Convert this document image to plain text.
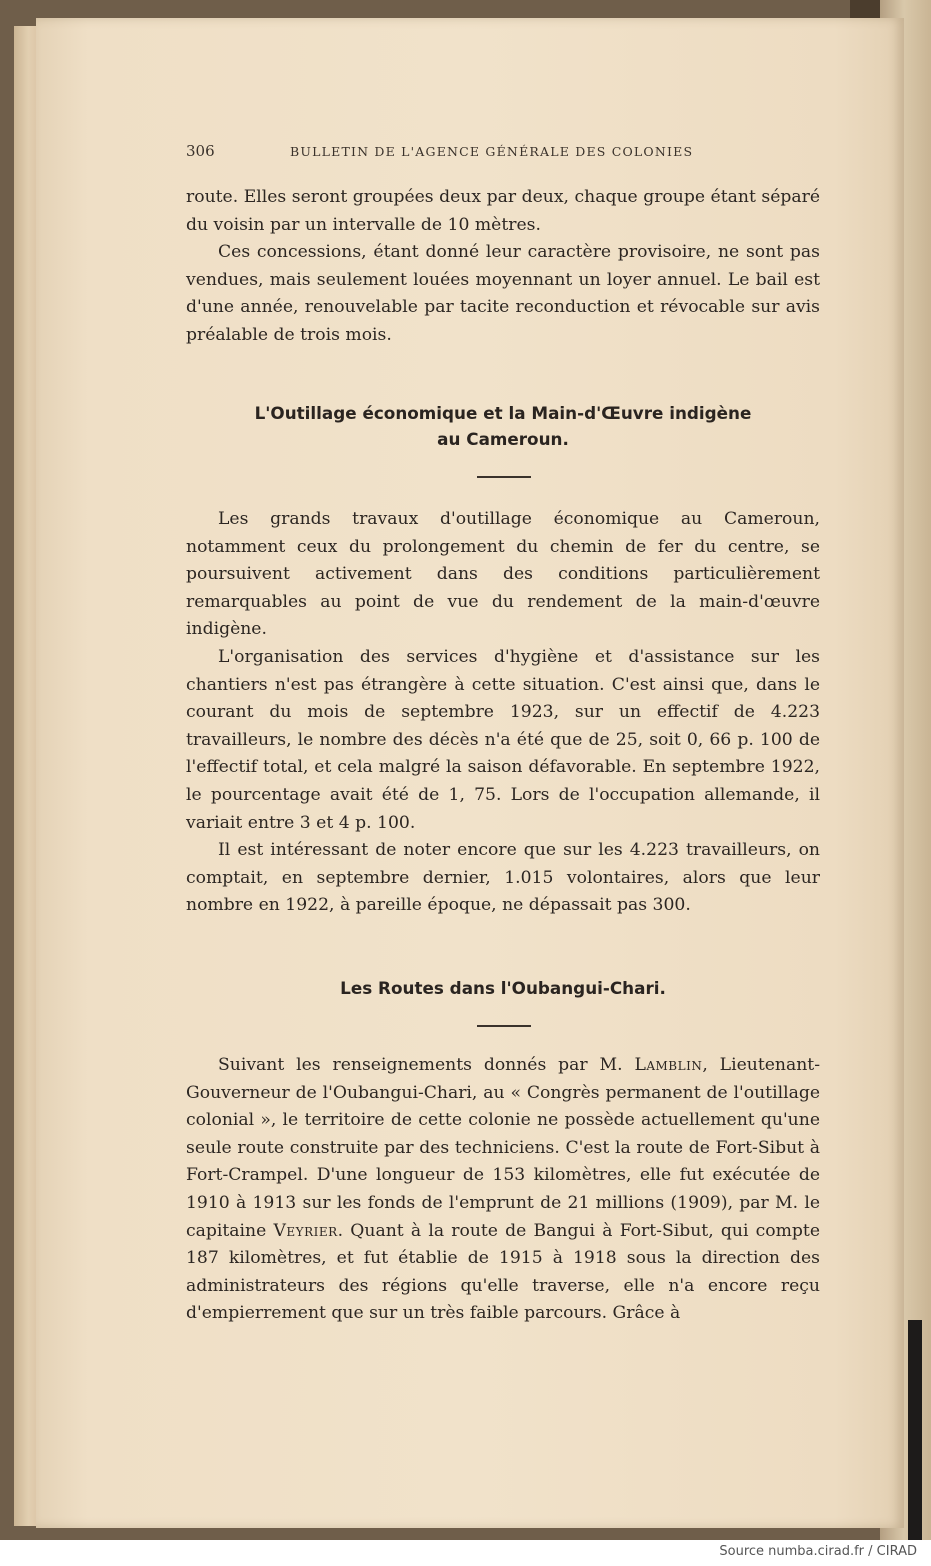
306	BULLETIN DE L'AGENCE GÉNÉRALE DES COLONIES

route. Elles seront groupées deux par deux, chaque groupe étant séparé du voisin par un intervalle de 10 mètres.

Ces concessions, étant donné leur caractère provisoire, ne sont pas vendues, mais seulement louées moyennant un loyer annuel. Le bail est d'une année, renouvelable par tacite reconduction et révocable sur avis préalable de trois mois.

L'Outillage économique et la Main-d'Œuvre indigène
au Cameroun.

Les grands travaux d'outillage économique au Cameroun, notamment ceux du prolongement du chemin de fer du centre, se poursuivent activement dans des conditions particulièrement remarquables au point de vue du rendement de la main-d'œuvre indigène.

L'organisation des services d'hygiène et d'assistance sur les chantiers n'est pas étrangère à cette situation. C'est ainsi que, dans le courant du mois de septembre 1923, sur un effectif de 4.223 travailleurs, le nombre des décès n'a été que de 25, soit 0, 66 p. 100 de l'effectif total, et cela malgré la saison défavorable. En septembre 1922, le pourcentage avait été de 1, 75. Lors de l'occupation allemande, il variait entre 3 et 4 p. 100.

Il est intéressant de noter encore que sur les 4.223 travailleurs, on comptait, en septembre dernier, 1.015 volontaires, alors que leur nombre en 1922, à pareille époque, ne dépassait pas 300.

Les Routes dans l'Oubangui-Chari.

Suivant les renseignements donnés par M. Lamblin, Lieutenant-Gouverneur de l'Oubangui-Chari, au « Congrès permanent de l'outillage colonial », le territoire de cette colonie ne possède actuellement qu'une seule route construite par des techniciens. C'est la route de Fort-Sibut à Fort-Crampel. D'une longueur de 153 kilomètres, elle fut exécutée de 1910 à 1913 sur les fonds de l'emprunt de 21 millions (1909), par M. le capitaine Veyrier. Quant à la route de Bangui à Fort-Sibut, qui compte 187 kilomètres, et fut établie de 1915 à 1918 sous la direction des administrateurs des régions qu'elle traverse, elle n'a encore reçu d'empierrement que sur un très faible parcours. Grâce à

Source numba.cirad.fr / CIRAD
